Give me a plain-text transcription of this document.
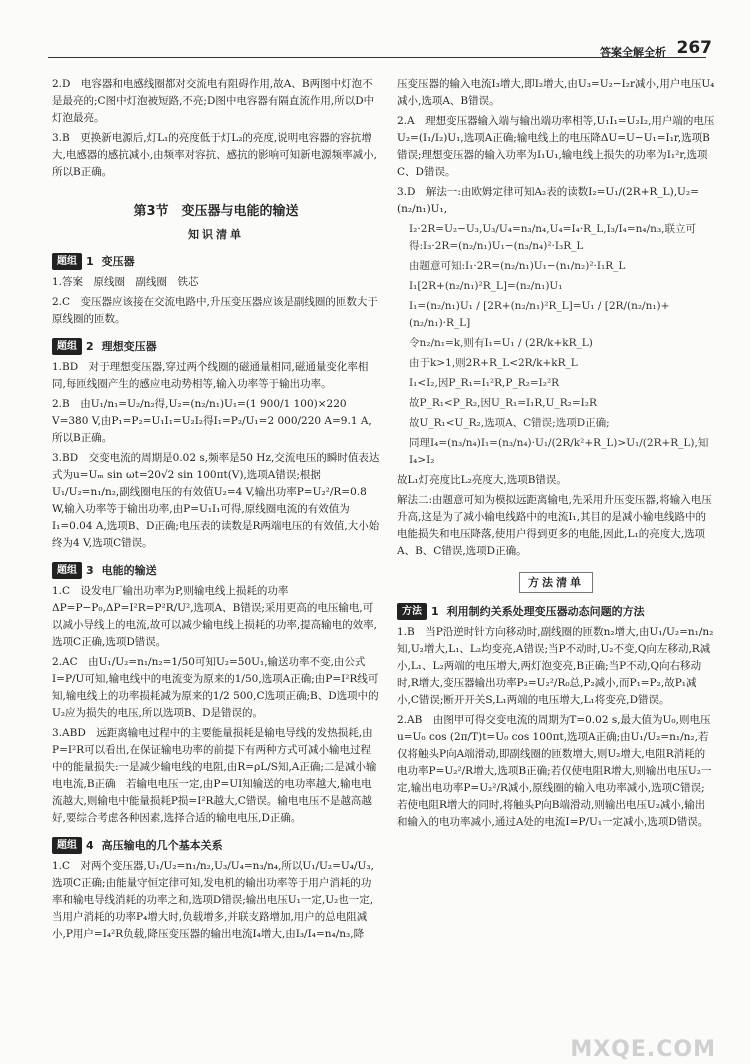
答案全解全析 267

2.D　电容器和电感线圈都对交流电有阻碍作用,故A、B两图中灯泡不是最亮的;C图中灯泡被短路,不亮;D图中电容器有隔直流作用,所以D中灯泡最亮。

3.B　更换新电源后,灯L₁的亮度低于灯L₂的亮度,说明电容器的容抗增大,电感器的感抗减小,由频率对容抗、感抗的影响可知新电源频率减小,所以B正确。

第3节　变压器与电能的输送
知识清单
题组 1 变压器

1.答案　原线圈　副线圈　铁芯

2.C　变压器应该接在交流电路中,升压变压器应该是副线圈的匝数大于原线圈的匝数。

题组 2 理想变压器

1.BD　对于理想变压器,穿过两个线圈的磁通量相同,磁通量变化率相同,每匝线圈产生的感应电动势相等,输入功率等于输出功率。

2.B　由U₁/n₁=U₂/n₂得,U₂=(n₂/n₁)U₁=(1 900/1 100)×220 V=380 V,由P₁=P₂=U₁I₁=U₂I₂得I₁=P₂/U₁=2 000/220 A=9.1 A,所以B正确。

3.BD　交变电流的周期是0.02 s,频率是50 Hz,交流电压的瞬时值表达式为u=Uₘ sin ωt=20√2 sin 100πt(V),选项A错误;根据U₁/U₂=n₁/n₂,副线圈电压的有效值U₂=4 V,输出功率P=U₂²/R=0.8 W,输入功率等于输出功率,由P=U₁I₁可得,原线圈电流的有效值为I₁=0.04 A,选项B、D正确;电压表的读数是R两端电压的有效值,大小始终为4 V,选项C错误。

题组 3 电能的输送

1.C　设发电厂输出功率为P,则输电线上损耗的功率ΔP=P−P₀,ΔP=I²R=P²R/U²,选项A、B错误;采用更高的电压输电,可以减小导线上的电流,故可以减少输电线上损耗的功率,提高输电的效率,选项C正确,选项D错误。

2.AC　由U₁/U₂=n₁/n₂=1/50可知U₂=50U₁,输送功率不变,由公式I=P/U可知,输电线中的电流变为原来的1/50,选项A正确;由P=I²R线可知,输电线上的功率损耗减为原来的1/2 500,C选项正确;B、D选项中的U₂应为损失的电压,所以选项B、D是错误的。

3.ABD　远距离输电过程中的主要能量损耗是输电导线的发热损耗,由P=I²R可以看出,在保证输电功率的前提下有两种方式可减小输电过程中的能量损失:一是减少输电线的电阻,由R=ρL/S知,A正确;二是减小输电电流,B正确　若输电电压一定,由P=UI知输送的电功率越大,输电电流越大,则输电中能量损耗P损=I²R越大,C错误。输电电压不是越高越好,要综合考虑各种因素,选择合适的输电电压,D正确。

题组 4 高压输电的几个基本关系

1.C　对两个变压器,U₁/U₂=n₁/n₂,U₃/U₄=n₃/n₄,所以U₁/U₂=U₄/U₃,选项C正确;由能量守恒定律可知,发电机的输出功率等于用户消耗的功率和输电导线消耗的功率之和,选项D错误;输出电压U₁一定,U₂也一定,当用户消耗的功率P₄增大时,负载增多,并联支路增加,用户的总电阻减小,P用户=I₄²R负载,降压变压器的输出电流I₄增大,由I₃/I₄=n₄/n₃,降

压变压器的输入电流I₃增大,即I₂增大,由U₃=U₂−I₂r减小,用户电压U₄减小,选项A、B错误。

2.A　理想变压器输入端与输出端功率相等,U₁I₁=U₂I₂,用户端的电压U₂=(I₁/I₂)U₁,选项A正确;输电线上的电压降ΔU=U−U₁=I₁r,选项B错误;理想变压器的输入功率为I₁U₁,输电线上损失的功率为I₁²r,选项C、D错误。

3.D　解法一:由欧姆定律可知A₂表的读数I₂=U₁/(2R+R_L),U₂=(n₂/n₁)U₁,

I₂·2R=U₂−U₃,U₃/U₄=n₃/n₄,U₄=I₄·R_L,I₃/I₄=n₄/n₃,联立可得:I₃·2R=(n₂/n₁)U₁−(n₃/n₄)²·I₃R_L

由题意可知:I₁·2R=(n₂/n₁)U₁−(n₁/n₂)²·I₁R_L

I₁[2R+(n₂/n₁)²R_L]=(n₂/n₁)U₁

I₁=(n₂/n₁)U₁ / [2R+(n₂/n₁)²R_L]=U₁ / [2R/(n₂/n₁)+(n₂/n₁)·R_L]

令n₂/n₁=k,则有I₁=U₁ / (2R/k+kR_L)

由于k>1,则2R+R_L<2R/k+kR_L

I₁<I₂,因P_R₁=I₁²R,P_R₂=I₂²R

故P_R₁<P_R₂,因U_R₁=I₁R,U_R₂=I₂R

故U_R₁<U_R₂,选项A、C错误;选项D正确;

同理I₄=(n₃/n₄)I₁=(n₃/n₄)·U₁/(2R/k²+R_L)>U₁/(2R+R_L),知I₄>I₂

故L₁灯亮度比L₂亮度大,选项B错误。

解法二:由题意可知为模拟远距离输电,先采用升压变压器,将输入电压升高,这是为了减小输电线路中的电流I₁,其目的是减小输电线路中的电能损失和电压降落,使用户得到更多的电能,因此,L₁的亮度大,选项A、B、C错误,选项D正确。

方法清单
方法 1 利用制约关系处理变压器动态问题的方法

1.B　当P沿逆时针方向移动时,副线圈的匝数n₂增大,由U₁/U₂=n₁/n₂知,U₂增大,L₁、L₂均变亮,A错误;当P不动时,U₂不变,Q向左移动,R减小,L₁、L₂两端的电压增大,两灯泡变亮,B正确;当P不动,Q向右移动时,R增大,变压器输出功率P₂=U₂²/R₀总,P₂减小,而P₁=P₂,故P₁减小,C错误;断开开关S,L₁两端的电压增大,L₁将变亮,D错误。

2.AB　由图甲可得交变电流的周期为T=0.02 s,最大值为U₀,则电压u=U₀ cos (2π/T)t=U₀ cos 100πt,选项A正确;由U₁/U₂=n₁/n₂,若仅将触头P向A端滑动,即副线圈的匝数增大,则U₂增大,电阻R消耗的电功率P=U₂²/R增大,选项B正确;若仅使电阻R增大,则输出电压U₂一定,输出电功率P=U₂²/R减小,原线圈的输入电功率减小,选项C错误;若使电阻R增大的同时,将触头P向B端滑动,则输出电压U₂减小,输出和输入的电功率减小,通过A处的电流I=P/U₁一定减小,选项D错误。

MXQE.COM
